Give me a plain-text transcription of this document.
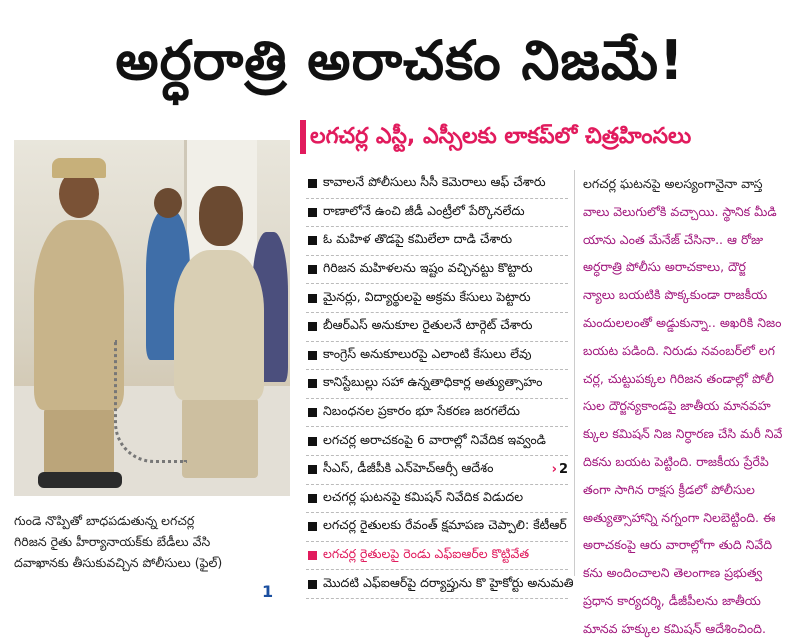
అర్ధరాత్రి అరాచకం నిజమే!
లగచర్ల ఎస్టీ, ఎస్సీలకు లాకప్‌లో చిత్రహింసలు
1
గుండె నొప్పితో బాధపడుతున్న లగచర్ల
గిరిజన రైతు హీర్యానాయక్‌కు బేడీలు వేసి
దవాఖానకు తీసుకువచ్చిన పోలీసులు (ఫైల్)
కావాలనే పోలీసులు సీసీ కెమెరాలు ఆఫ్ చేశారు
రాణాలోనే ఉంచి జీడీ ఎంట్రీలో పేర్కొనలేదు
ఓ మహిళ తొడపై కమిలేలా దాడి చేశారు
గిరిజన మహిళలను ఇష్టం వచ్చినట్టు కొట్టారు
మైనర్లు, విద్యార్థులపై అక్రమ కేసులు పెట్టారు
బీఆర్ఎస్ అనుకూల రైతులనే టార్గెట్ చేశారు
కాంగ్రెస్ అనుకూలురపై ఎలాంటి కేసులు లేవు
కానిస్టేబుల్లు సహా ఉన్నతాధికార్ల అత్యుత్సాహం
నిబంధనల ప్రకారం భూ సేకరణ జరగలేదు
లగచర్ల అరాచకంపై 6 వారాల్లో నివేదిక ఇవ్వండి
సీఎస్, డీజీపీకి ఎన్‌హెచ్ఆర్సీ ఆదేశం	› 2
లచగర్ల ఘటనపై కమిషన్ నివేదిక విడుదల
లగచర్ల రైతులకు రేవంత్ క్షమాపణ చెప్పాలి: కేటీఆర్
లగచర్ల రైతులపై రెండు ఎఫ్ఐఆర్‌ల కొట్టివేత
మొదటి ఎఫ్ఐఆర్‌పై దర్యాప్తును కొ హైకోర్టు అనుమతి
లగచర్ల ఘటనపై అలస్యంగానైనా వాస్త
వాలు వెలుగులోకి వచ్చాయి. స్థానిక మీడి
యాను ఎంత మేనేజ్ చేసినా.. ఆ రోజు
అర్ధరాత్రి పోలీసు అరాచకాలు, దౌర్జ
న్యాలు బయటికి పొక్కకుండా రాజకీయ
మందులలంతో అడ్డుకున్నా.. అఖరికి నిజం
బయట పడింది. నిరుడు నవంబర్‌లో లగ
చర్ల, చుట్టుపక్కల గిరిజన తండాల్లో పోలీ
సుల దౌర్జన్యకాండపై జాతీయ మానవహ
క్కుల కమిషన్ నిజ నిర్ధారణ చేసి మరీ నివే
దికను బయట పెట్టింది. రాజకీయ ప్రేరేపి
తంగా సాగిన రాక్షస క్రీడలో పోలీసుల
అత్యుత్సాహాన్ని నగ్నంగా నిలబెట్టింది. ఈ
అరాచకంపై ఆరు వారాల్లోగా తుది నివేది
కను అందించాలని తెలంగాణ ప్రభుత్వ
ప్రధాన కార్యదర్శి, డీజీపీలను జాతీయ
మానవ హక్కుల కమిషన్ ఆదేశించింది.
